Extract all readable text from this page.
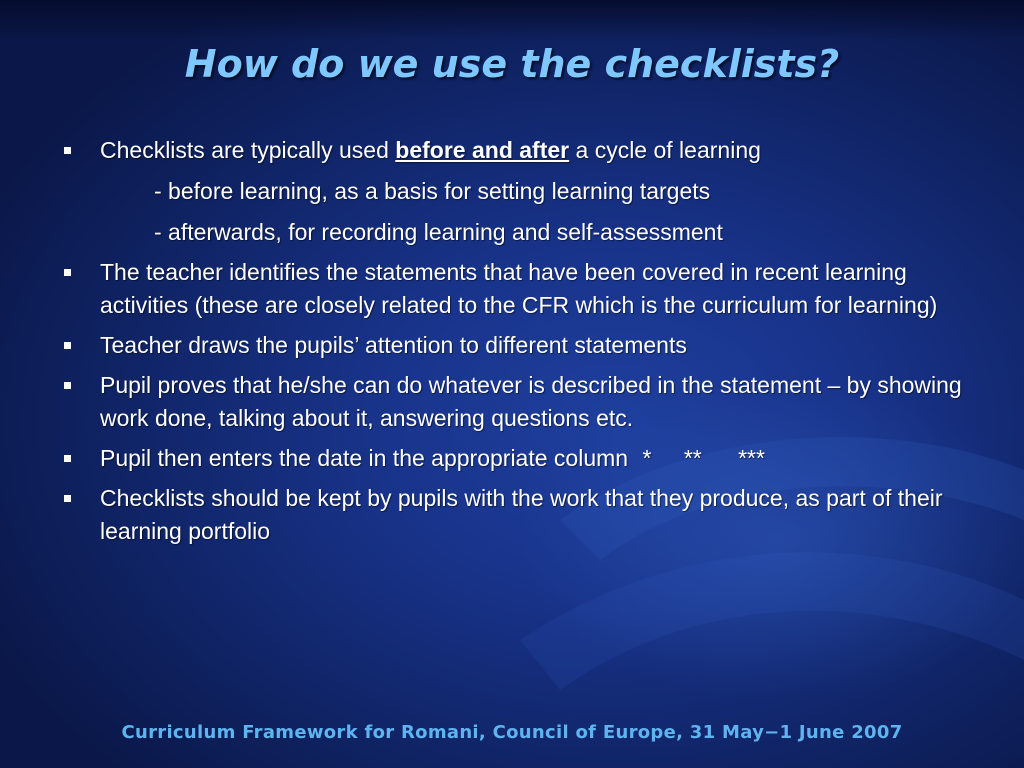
How do we use the checklists?
Checklists are typically used before and after a cycle of learning
- before learning, as a basis for setting learning targets
- afterwards, for recording learning and self-assessment
The teacher identifies the statements that have been covered in recent learning activities (these are closely related to the CFR which is the curriculum for learning)
Teacher draws the pupils’ attention to different statements
Pupil proves that he/she can do whatever is described in the statement – by showing work done, talking about it, answering questions etc.
Pupil then enters the date in the appropriate column * ** ***
Checklists should be kept by pupils with the work that they produce, as part of their learning portfolio
Curriculum Framework for Romani, Council of Europe, 31 May−1 June 2007
